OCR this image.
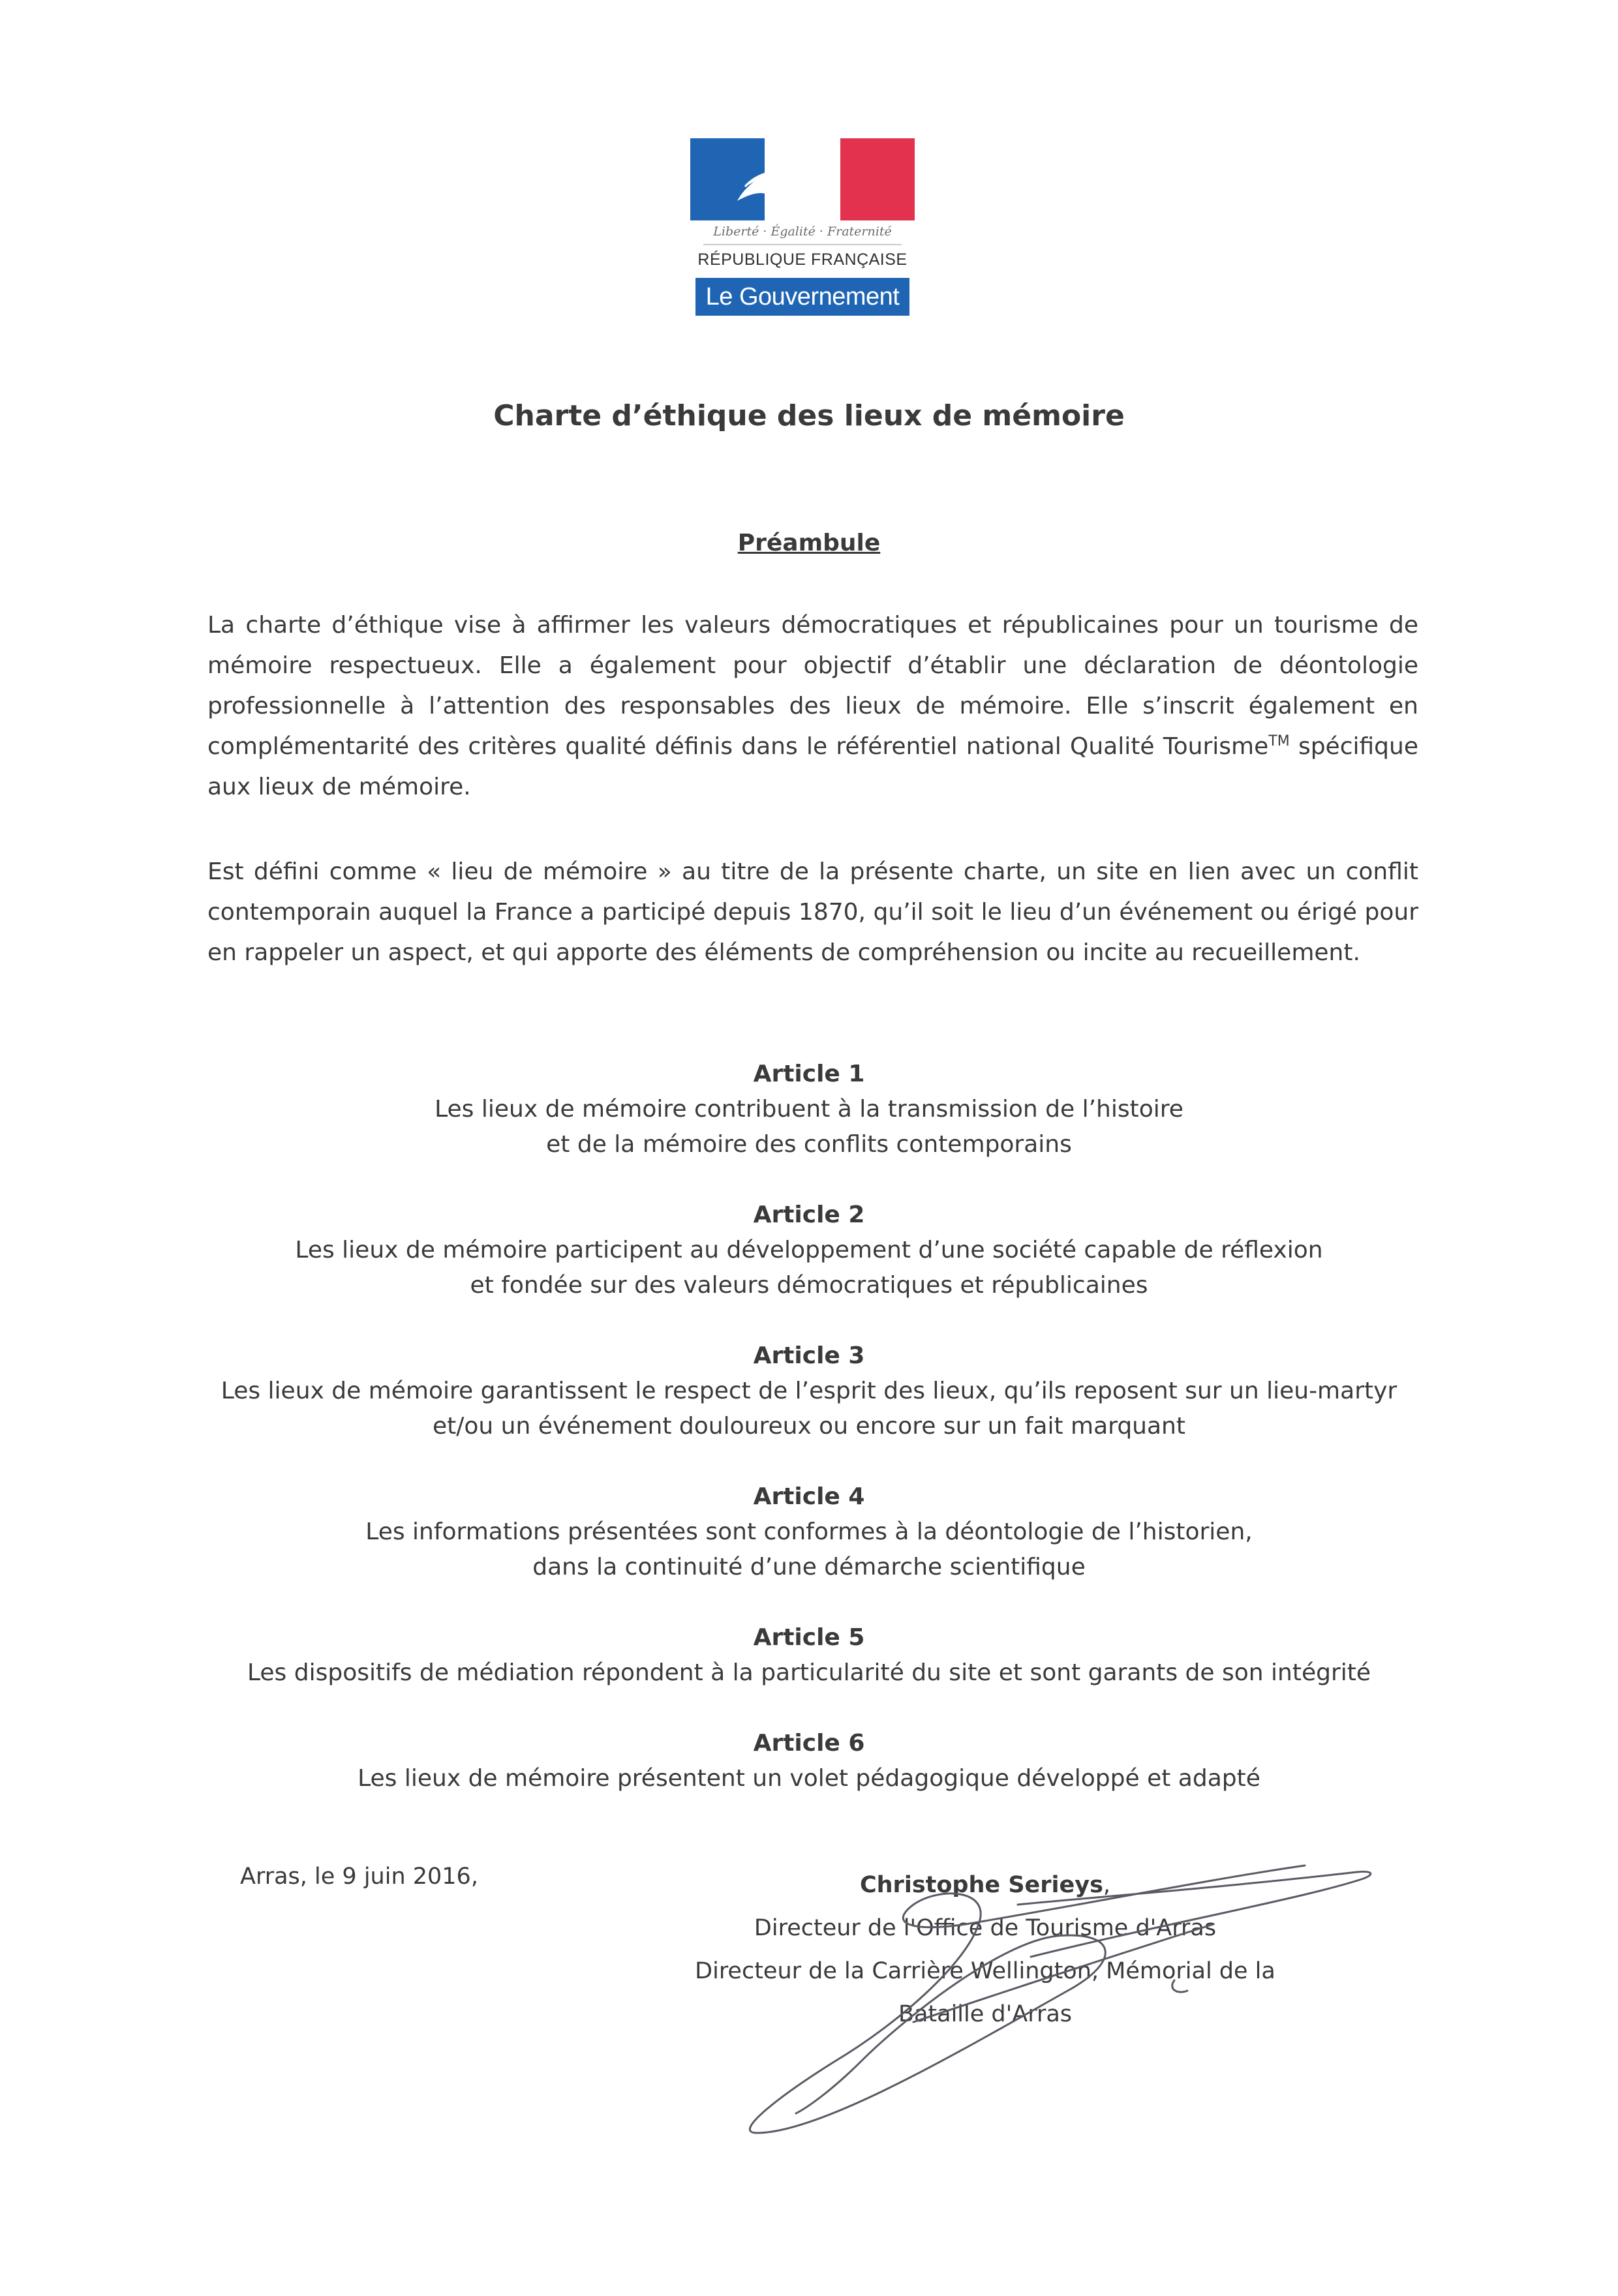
Liberté · Égalité · Fraternité
RÉPUBLIQUE FRANÇAISE
Le Gouvernement
Charte d’éthique des lieux de mémoire
Préambule

La charte d’éthique vise à affirmer les valeurs démocratiques et républicaines pour un tourisme de mémoire respectueux. Elle a également pour objectif d’établir une déclaration de déontologie professionnelle à l’attention des responsables des lieux de mémoire. Elle s’inscrit également en complémentarité des critères qualité définis dans le référentiel national Qualité Tourisme™ spécifique aux lieux de mémoire.

Est défini comme « lieu de mémoire » au titre de la présente charte, un site en lien avec un conflit contemporain auquel la France a participé depuis 1870, qu’il soit le lieu d’un événement ou érigé pour en rappeler un aspect, et qui apporte des éléments de compréhension ou incite au recueillement.

Article 1
Les lieux de mémoire contribuent à la transmission de l’histoire
et de la mémoire des conflits contemporains
Article 2
Les lieux de mémoire participent au développement d’une société capable de réflexion
et fondée sur des valeurs démocratiques et républicaines
Article 3
Les lieux de mémoire garantissent le respect de l’esprit des lieux, qu’ils reposent sur un lieu-martyr
et/ou un événement douloureux ou encore sur un fait marquant
Article 4
Les informations présentées sont conformes à la déontologie de l’historien,
dans la continuité d’une démarche scientifique
Article 5
Les dispositifs de médiation répondent à la particularité du site et sont garants de son intégrité
Article 6
Les lieux de mémoire présentent un volet pédagogique développé et adapté
Arras, le 9 juin 2016,	Christophe Serieys,
Directeur de l'Office de Tourisme d'Arras
Directeur de la Carrière Wellington, Mémorial de la Bataille d'Arras
